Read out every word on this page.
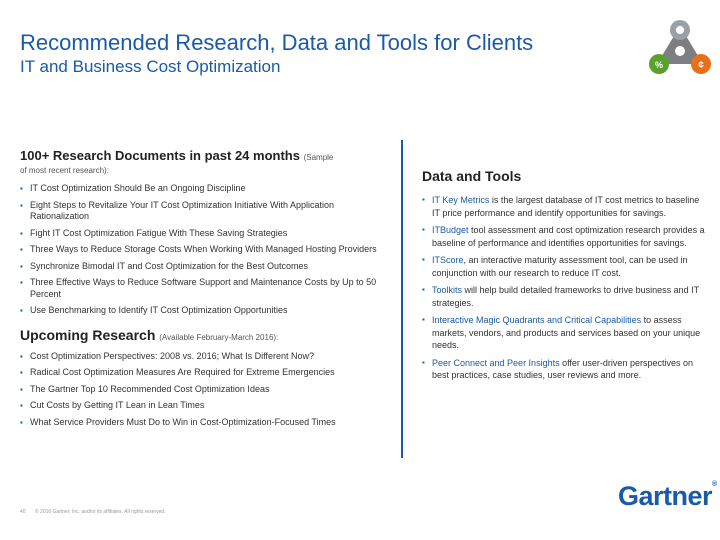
Recommended Research, Data and Tools for Clients
IT and Business Cost Optimization	%	¢
100+ Research Documents in past 24 months (Sample
of most recent research):
▪ IT Cost Optimization Should Be an Ongoing Discipline
▪ Eight Steps to Revitalize Your IT Cost Optimization Initiative With Application Rationalization
▪ Fight IT Cost Optimization Fatigue With These Saving Strategies
▪ Three Ways to Reduce Storage Costs When Working With Managed Hosting Providers
▪ Synchronize Bimodal IT and Cost Optimization for the Best Outcomes
▪ Three Effective Ways to Reduce Software Support and Maintenance Costs by Up to 50 Percent
▪ Use Benchmarking to Identify IT Cost Optimization Opportunities
Upcoming Research (Available February-March 2016):
▪ Cost Optimization Perspectives: 2008 vs. 2016; What Is Different Now?
▪ Radical Cost Optimization Measures Are Required for Extreme Emergencies
▪ The Gartner Top 10 Recommended Cost Optimization Ideas
▪ Cut Costs by Getting IT Lean in Lean Times
▪ What Service Providers Must Do to Win in Cost-Optimization-Focused Times
Data and Tools
▪ IT Key Metrics is the largest database of IT cost metrics to baseline IT price performance and identify opportunities for savings.
▪ ITBudget tool assessment and cost optimization research provides a baseline of performance and identifies opportunities for savings.
▪ ITScore, an interactive maturity assessment tool, can be used in conjunction with our research to reduce IT cost.
▪ Toolkits will help build detailed frameworks to drive business and IT strategies.
▪ Interactive Magic Quadrants and Critical Capabilities to assess markets, vendors, and products and services based on your unique needs.
▪ Peer Connect and Peer Insights offer user-driven perspectives on best practices, case studies, user reviews and more.
40 © 2016 Gartner, Inc. and/or its affiliates. All rights reserved.
Gartner®
